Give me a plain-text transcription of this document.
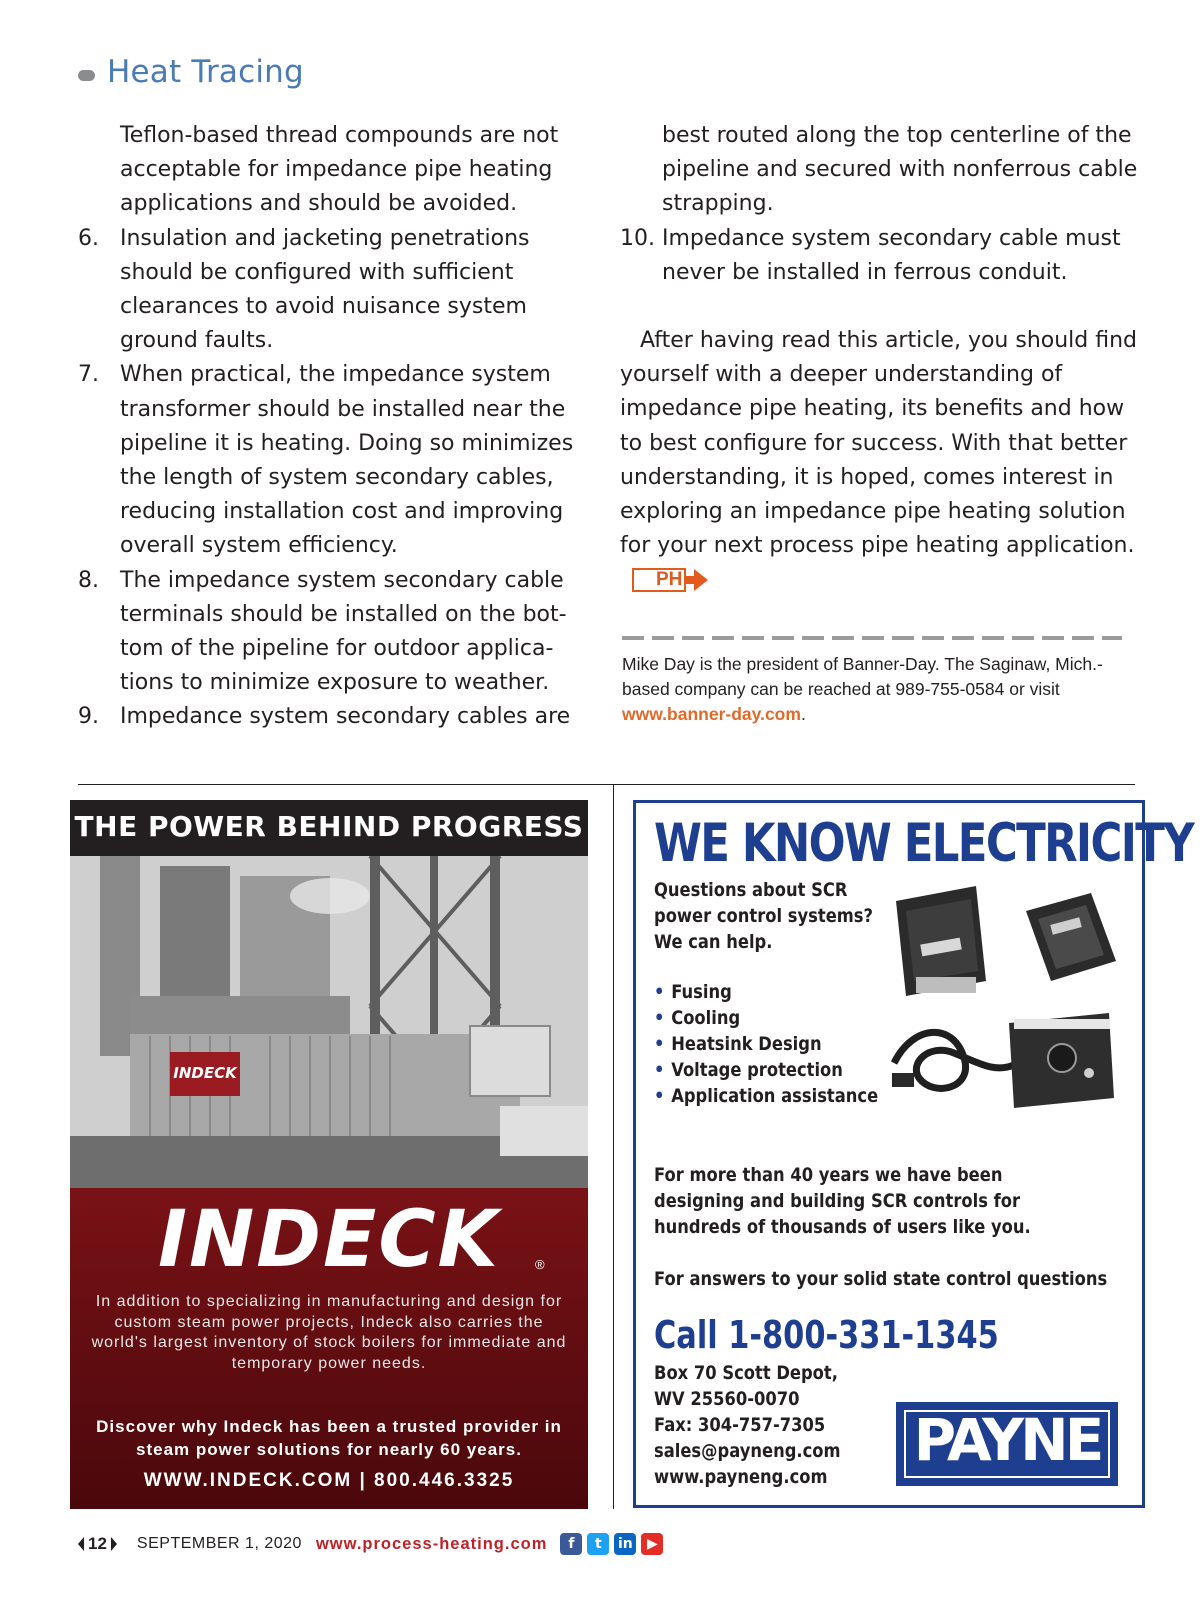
Heat Tracing
Teflon-based thread compounds are not acceptable for impedance pipe heating applications and should be avoided.
6. Insulation and jacketing penetrations should be configured with sufficient clearances to avoid nuisance system ground faults.
7. When practical, the impedance system transformer should be installed near the pipeline it is heating. Doing so minimizes the length of system secondary cables, reducing installation cost and improving overall system efficiency.
8. The impedance system secondary cable terminals should be installed on the bot-tom of the pipeline for outdoor applica-tions to minimize exposure to weather.
9. Impedance system secondary cables are
best routed along the top centerline of the pipeline and secured with nonferrous cable strapping.
10. Impedance system secondary cable must never be installed in ferrous conduit.
After having read this article, you should find yourself with a deeper understanding of impedance pipe heating, its benefits and how to best configure for success. With that better understanding, it is hoped, comes interest in exploring an impedance pipe heating solution for your next process pipe heating application.
PH
Mike Day is the president of Banner-Day. The Saginaw, Mich.-based company can be reached at 989-755-0584 or visit www.banner-day.com.
THE POWER BEHIND PROGRESS
INDECK
INDECK	®
In addition to specializing in manufacturing and design for custom steam power projects, Indeck also carries the world's largest inventory of stock boilers for immediate and temporary power needs.
Discover why Indeck has been a trusted provider in steam power solutions for nearly 60 years.
WWW.INDECK.COM | 800.446.3325
WE KNOW ELECTRICITY
Questions about SCR
power control systems?
We can help.
• Fusing
• Cooling
• Heatsink Design
• Voltage protection
• Application assistance
For more than 40 years we have been
designing and building SCR controls for
hundreds of thousands of users like you.
For answers to your solid state control questions
Call 1-800-331-1345
Box 70 Scott Depot,
WV 25560-0070
Fax: 304-757-7305
sales@payneng.com
www.payneng.com
PAYNE
12 SEPTEMBER 1, 2020 www.process-heating.com	f	t	in	▶
